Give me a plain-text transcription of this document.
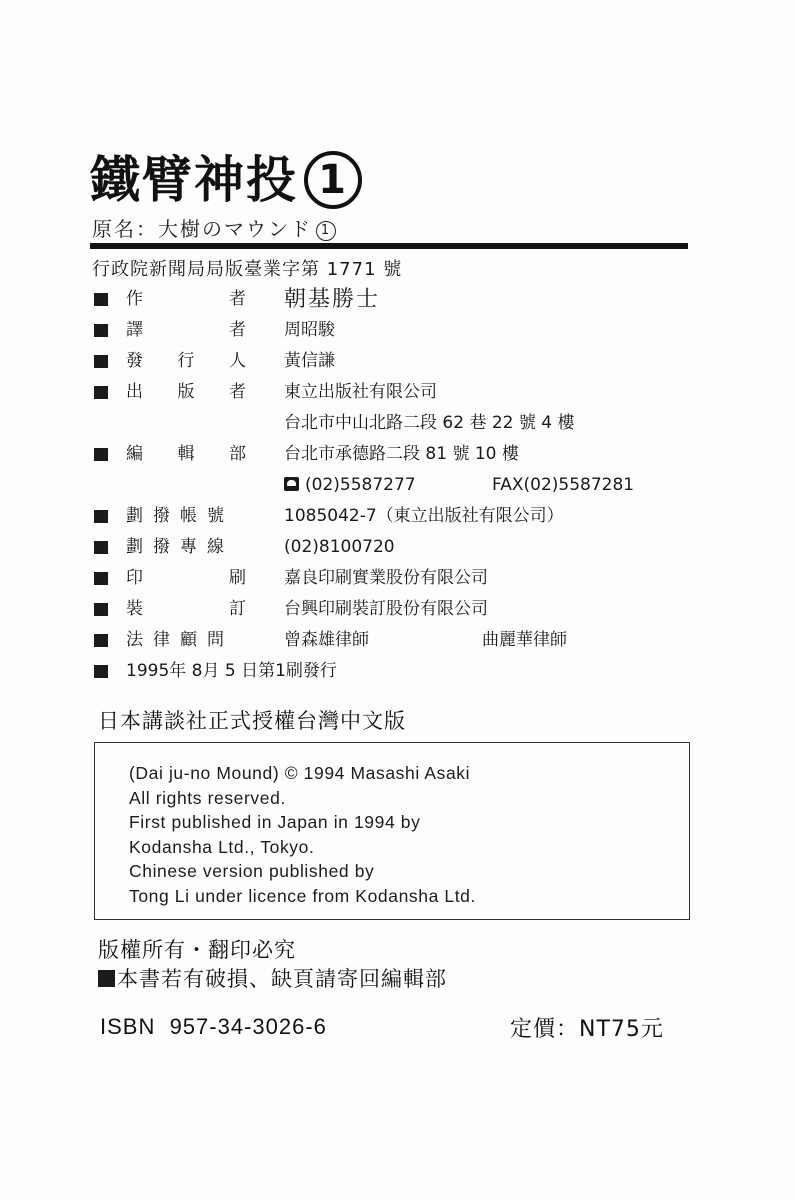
鐵臂神投 1
原名：大樹のマウンド 1
行政院新聞局局版臺業字第 1771 號
作	者 朝基勝士
譯	者 周昭駿
發 行 人 黃信謙
出 版 者 東立出版社有限公司
台北市中山北路二段 62 巷 22 號 4 樓
編 輯 部 台北市承德路二段 81 號 10 樓
(02)5587277	FAX(02)5587281
劃 撥 帳 號	1085042-7（東立出版社有限公司）
劃 撥 專 線	(02)8100720
印	刷 嘉良印刷實業股份有限公司
裝	訂 台興印刷裝訂股份有限公司
法 律 顧 問	曾森雄律師	曲麗華律師
1995年 8月 5 日第1刷發行
日本講談社正式授權台灣中文版
(Dai ju-no Mound) © 1994 Masashi Asaki
All rights reserved.
First published in Japan in 1994 by
Kodansha Ltd., Tokyo.
Chinese version published by
Tong Li under licence from Kodansha Ltd.
版權所有・翻印必究
本書若有破損、缺頁請寄回編輯部
ISBN  957-34-3026-6	定價：NT75元
